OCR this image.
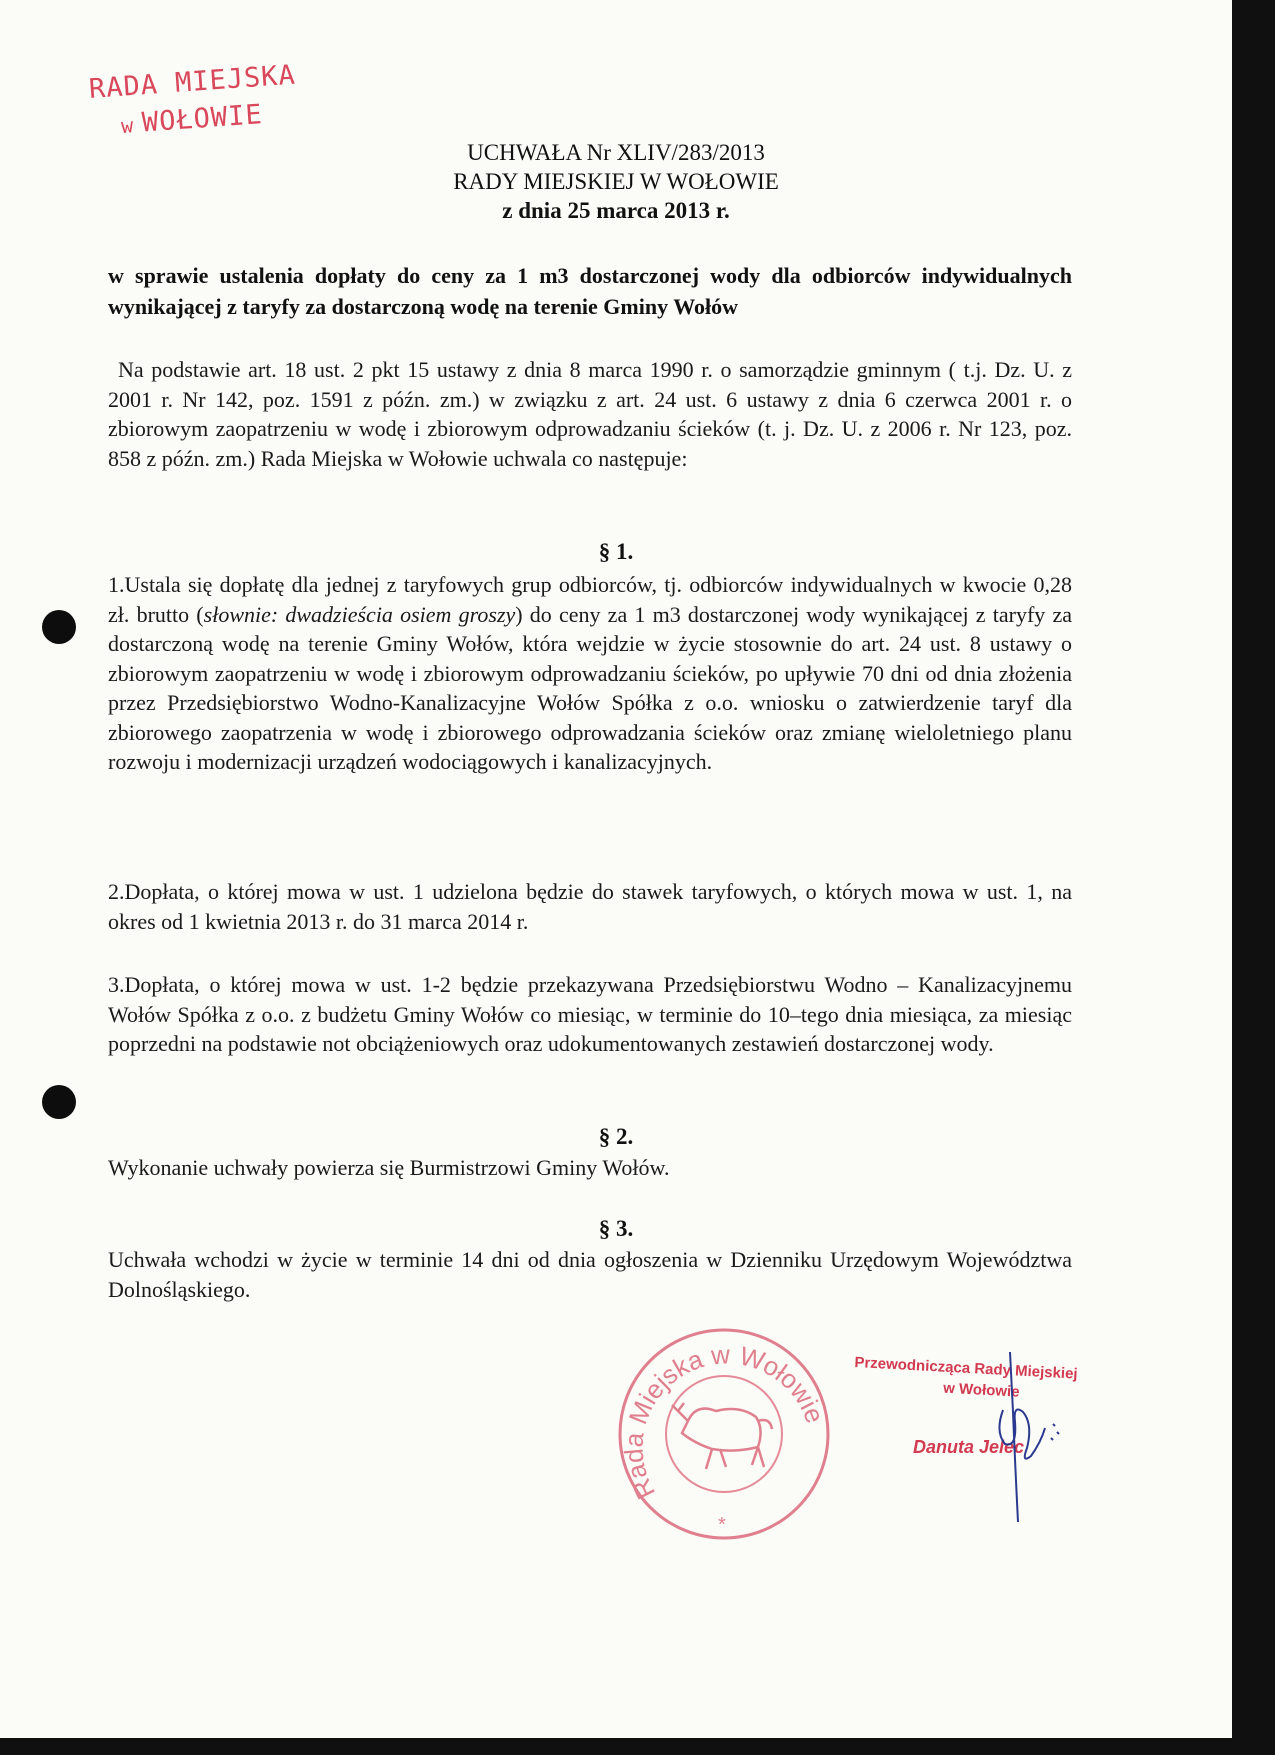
RADA MIEJSKA
w WOŁOWIE
UCHWAŁA Nr XLIV/283/2013
RADY MIEJSKIEJ W WOŁOWIE
z dnia 25 marca 2013 r.
w sprawie ustalenia dopłaty do ceny za 1 m3 dostarczonej wody dla odbiorców indywidualnych wynikającej z taryfy za dostarczoną wodę na terenie Gminy Wołów
Na podstawie art. 18 ust. 2 pkt 15 ustawy z dnia 8 marca 1990 r. o samorządzie gminnym ( t.j. Dz. U. z 2001 r. Nr 142, poz. 1591 z późn. zm.) w związku z art. 24 ust. 6 ustawy z dnia 6 czerwca 2001 r. o zbiorowym zaopatrzeniu w wodę i zbiorowym odprowadzaniu ścieków (t. j. Dz. U. z 2006 r. Nr 123, poz. 858 z późn. zm.) Rada Miejska w Wołowie uchwala co następuje:
§ 1.
1.Ustala się dopłatę dla jednej z taryfowych grup odbiorców, tj. odbiorców indywidualnych w kwocie 0,28 zł. brutto (słownie: dwadzieścia osiem groszy) do ceny za 1 m3 dostarczonej wody wynikającej z taryfy za dostarczoną wodę na terenie Gminy Wołów, która wejdzie w życie stosownie do art. 24 ust. 8 ustawy o zbiorowym zaopatrzeniu w wodę i zbiorowym odprowadzaniu ścieków, po upływie 70 dni od dnia złożenia przez Przedsiębiorstwo Wodno-Kanalizacyjne Wołów Spółka z o.o. wniosku o zatwierdzenie taryf dla zbiorowego zaopatrzenia w wodę i zbiorowego odprowadzania ścieków oraz zmianę wieloletniego planu rozwoju i modernizacji urządzeń wodociągowych i kanalizacyjnych.
2.Dopłata, o której mowa w ust. 1 udzielona będzie do stawek taryfowych, o których mowa w ust. 1, na okres od 1 kwietnia 2013 r. do 31 marca 2014 r.
3.Dopłata, o której mowa w ust. 1-2 będzie przekazywana Przedsiębiorstwu Wodno – Kanalizacyjnemu Wołów Spółka z o.o. z budżetu Gminy Wołów co miesiąc, w terminie do 10–tego dnia miesiąca, za miesiąc poprzedni na podstawie not obciążeniowych oraz udokumentowanych zestawień dostarczonej wody.
§ 2.
Wykonanie uchwały powierza się Burmistrzowi Gminy Wołów.
§ 3.
Uchwała wchodzi w życie w terminie 14 dni od dnia ogłoszenia w Dzienniku Urzędowym Województwa Dolnośląskiego.
Rada Miejska w Wołowie
*
Przewodnicząca Rady Miejskiej
w Wołowie
Danuta Jelec
